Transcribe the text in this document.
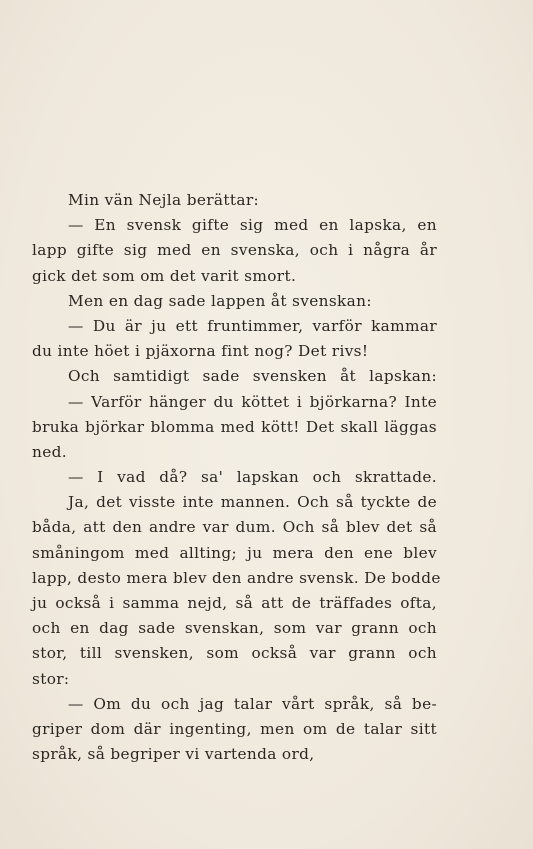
Min vän Nejla berättar:
— En svensk gifte sig med en lapska, en
lapp gifte sig med en svenska, och i några år
gick det som om det varit smort.
Men en dag sade lappen åt svenskan:
— Du är ju ett fruntimmer, varför kammar
du inte höet i pjäxorna fint nog? Det rivs!
Och samtidigt sade svensken åt lapskan:
— Varför hänger du köttet i björkarna? Inte
bruka björkar blomma med kött! Det skall läggas
ned.
— I vad då? sa' lapskan och skrattade.
Ja, det visste inte mannen. Och så tyckte de
båda, att den andre var dum. Och så blev det så
småningom med allting; ju mera den ene blev
lapp, desto mera blev den andre svensk. De bodde
ju också i samma nejd, så att de träffades ofta,
och en dag sade svenskan, som var grann och
stor, till svensken, som också var grann och
stor:
— Om du och jag talar vårt språk, så be-
griper dom där ingenting, men om de talar sitt
språk, så begriper vi vartenda ord,
